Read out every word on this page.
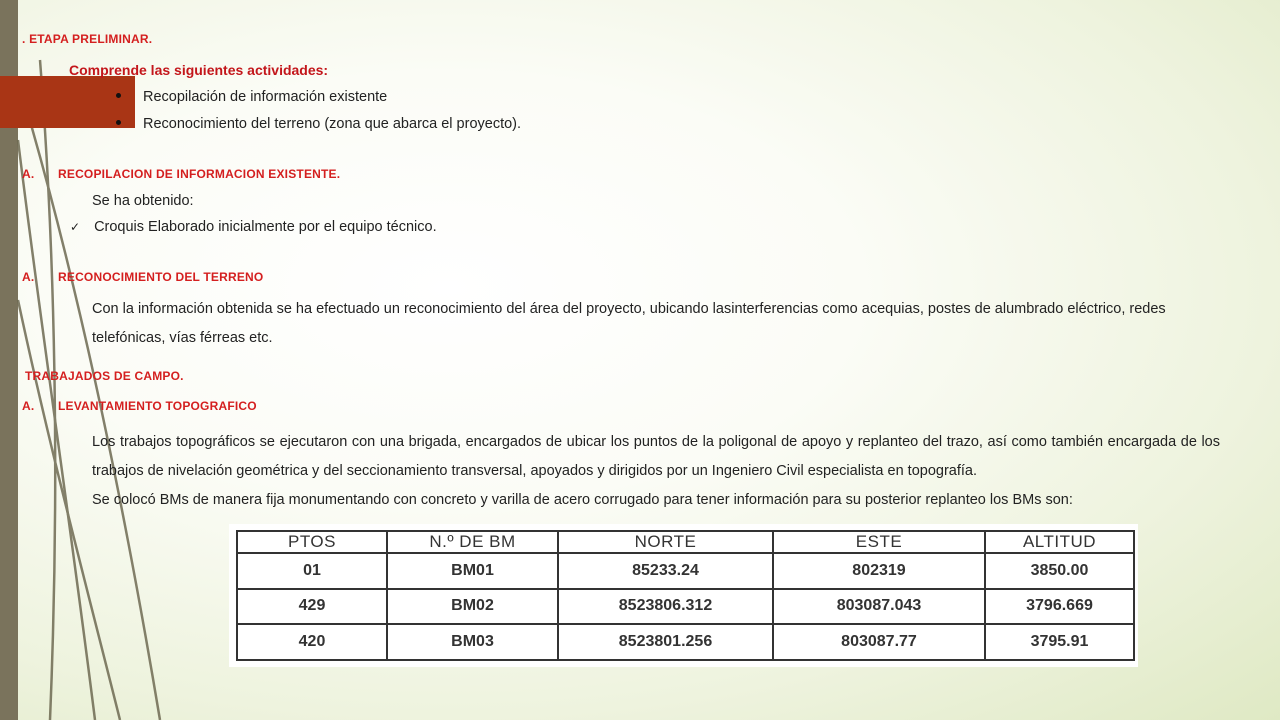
. ETAPA PRELIMINAR.
Comprende las siguientes actividades:
Recopilación de información existente
Reconocimiento del terreno (zona que abarca el proyecto).
A. RECOPILACION DE INFORMACION EXISTENTE.
Se ha obtenido:
✓ Croquis Elaborado inicialmente por el equipo técnico.
A. RECONOCIMIENTO DEL TERRENO
Con la información obtenida se ha efectuado un reconocimiento del área del proyecto, ubicando lasinterferencias como acequias, postes de alumbrado eléctrico, redes telefónicas, vías férreas etc.
TRABAJADOS DE CAMPO.
A. LEVANTAMIENTO TOPOGRAFICO
Los trabajos topográficos se ejecutaron con una brigada, encargados de ubicar los puntos de la poligonal de apoyo y replanteo del trazo, así como también encargada de los trabajos de nivelación geométrica y del seccionamiento transversal, apoyados y dirigidos por un Ingeniero Civil especialista en topografía.
Se colocó BMs de manera fija monumentando con concreto y varilla de acero corrugado para tener información para su posterior replanteo los BMs son:
PTOS	N.º DE BM	NORTE	ESTE	ALTITUD
01	BM01	85233.24	802319	3850.00
429	BM02	8523806.312	803087.043	3796.669
420	BM03	8523801.256	803087.77	3795.91
